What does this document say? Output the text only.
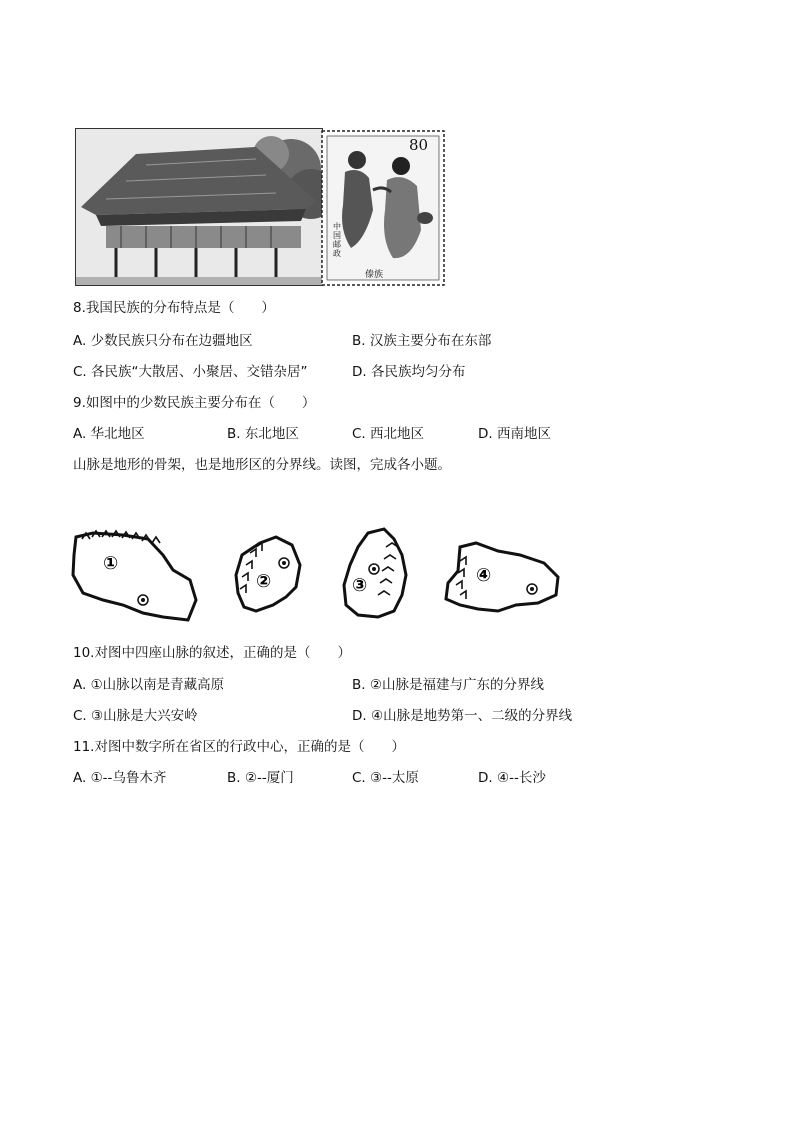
80
中国邮政
傣族
8.我国民族的分布特点是（　　）
A. 少数民族只分布在边疆地区	B. 汉族主要分布在东部
C. 各民族“大散居、小聚居、交错杂居”	D. 各民族均匀分布
9.如图中的少数民族主要分布在（　　）
A. 华北地区	B. 东北地区	C. 西北地区	D. 西南地区
山脉是地形的骨架，也是地形区的分界线。读图，完成各小题。
①
②	③	④
10.对图中四座山脉的叙述，正确的是（　　）
A. ①山脉以南是青藏高原	B. ②山脉是福建与广东的分界线
C. ③山脉是大兴安岭	D. ④山脉是地势第一、二级的分界线
11.对图中数字所在省区的行政中心，正确的是（　　）
A. ①--乌鲁木齐	B. ②--厦门	C. ③--太原	D. ④--长沙
